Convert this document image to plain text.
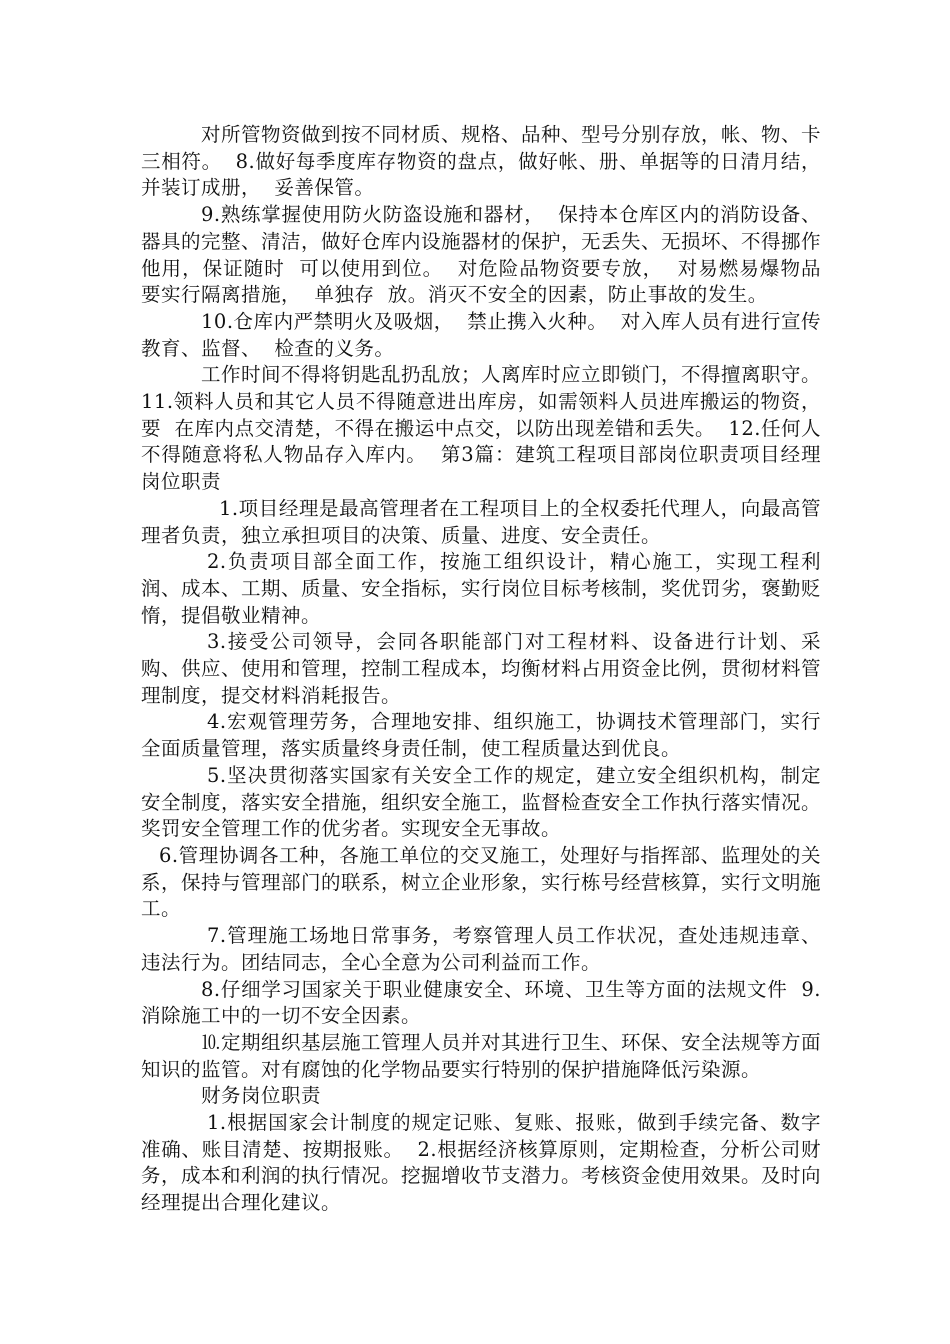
对所管物资做到按不同材质、规格、品种、型号分别存放，帐、物、卡三相符。  8.做好每季度库存物资的盘点，做好帐、册、单据等的日清月结，并装订成册，  妥善保管。

9.熟练掌握使用防火防盗设施和器材，  保持本仓库区内的消防设备、器具的完整、清洁，做好仓库内设施器材的保护，无丢失、无损坏、不得挪作他用，保证随时  可以使用到位。  对危险品物资要专放，  对易燃易爆物品要实行隔离措施，  单独存  放。消灭不安全的因素，防止事故的发生。

10.仓库内严禁明火及吸烟，  禁止携入火种。  对入库人员有进行宣传教育、监督、  检查的义务。

工作时间不得将钥匙乱扔乱放；人离库时应立即锁门，不得擅离职守。  11.领料人员和其它人员不得随意进出库房，如需领料人员进库搬运的物资，要  在库内点交清楚，不得在搬运中点交，以防出现差错和丢失。  12.任何人不得随意将私人物品存入库内。  第3篇：建筑工程项目部岗位职责项目经理岗位职责

1.项目经理是最高管理者在工程项目上的全权委托代理人，向最高管理者负责，独立承担项目的决策、质量、进度、安全责任。

2.负责项目部全面工作，按施工组织设计，精心施工，实现工程利润、成本、工期、质量、安全指标，实行岗位目标考核制，奖优罚劣，褒勤贬惰，提倡敬业精神。

3.接受公司领导，会同各职能部门对工程材料、设备进行计划、采购、供应、使用和管理，控制工程成本，均衡材料占用资金比例，贯彻材料管理制度，提交材料消耗报告。

4.宏观管理劳务，合理地安排、组织施工，协调技术管理部门，实行全面质量管理，落实质量终身责任制，使工程质量达到优良。

5.坚决贯彻落实国家有关安全工作的规定，建立安全组织机构，制定安全制度，落实安全措施，组织安全施工，监督检查安全工作执行落实情况。奖罚安全管理工作的优劣者。实现安全无事故。

6.管理协调各工种，各施工单位的交叉施工，处理好与指挥部、监理处的关系，保持与管理部门的联系，树立企业形象，实行栋号经营核算，实行文明施工。

7.管理施工场地日常事务，考察管理人员工作状况，查处违规违章、违法行为。团结同志，全心全意为公司利益而工作。

8.仔细学习国家关于职业健康安全、环境、卫生等方面的法规文件  9.消除施工中的一切不安全因素。

⒑定期组织基层施工管理人员并对其进行卫生、环保、安全法规等方面知识的监管。对有腐蚀的化学物品要实行特别的保护措施降低污染源。

财务岗位职责

1.根据国家会计制度的规定记账、复账、报账，做到手续完备、数字准确、账目清楚、按期报账。  2.根据经济核算原则，定期检查，分析公司财务，成本和利润的执行情况。挖掘增收节支潜力。考核资金使用效果。及时向经理提出合理化建议。
